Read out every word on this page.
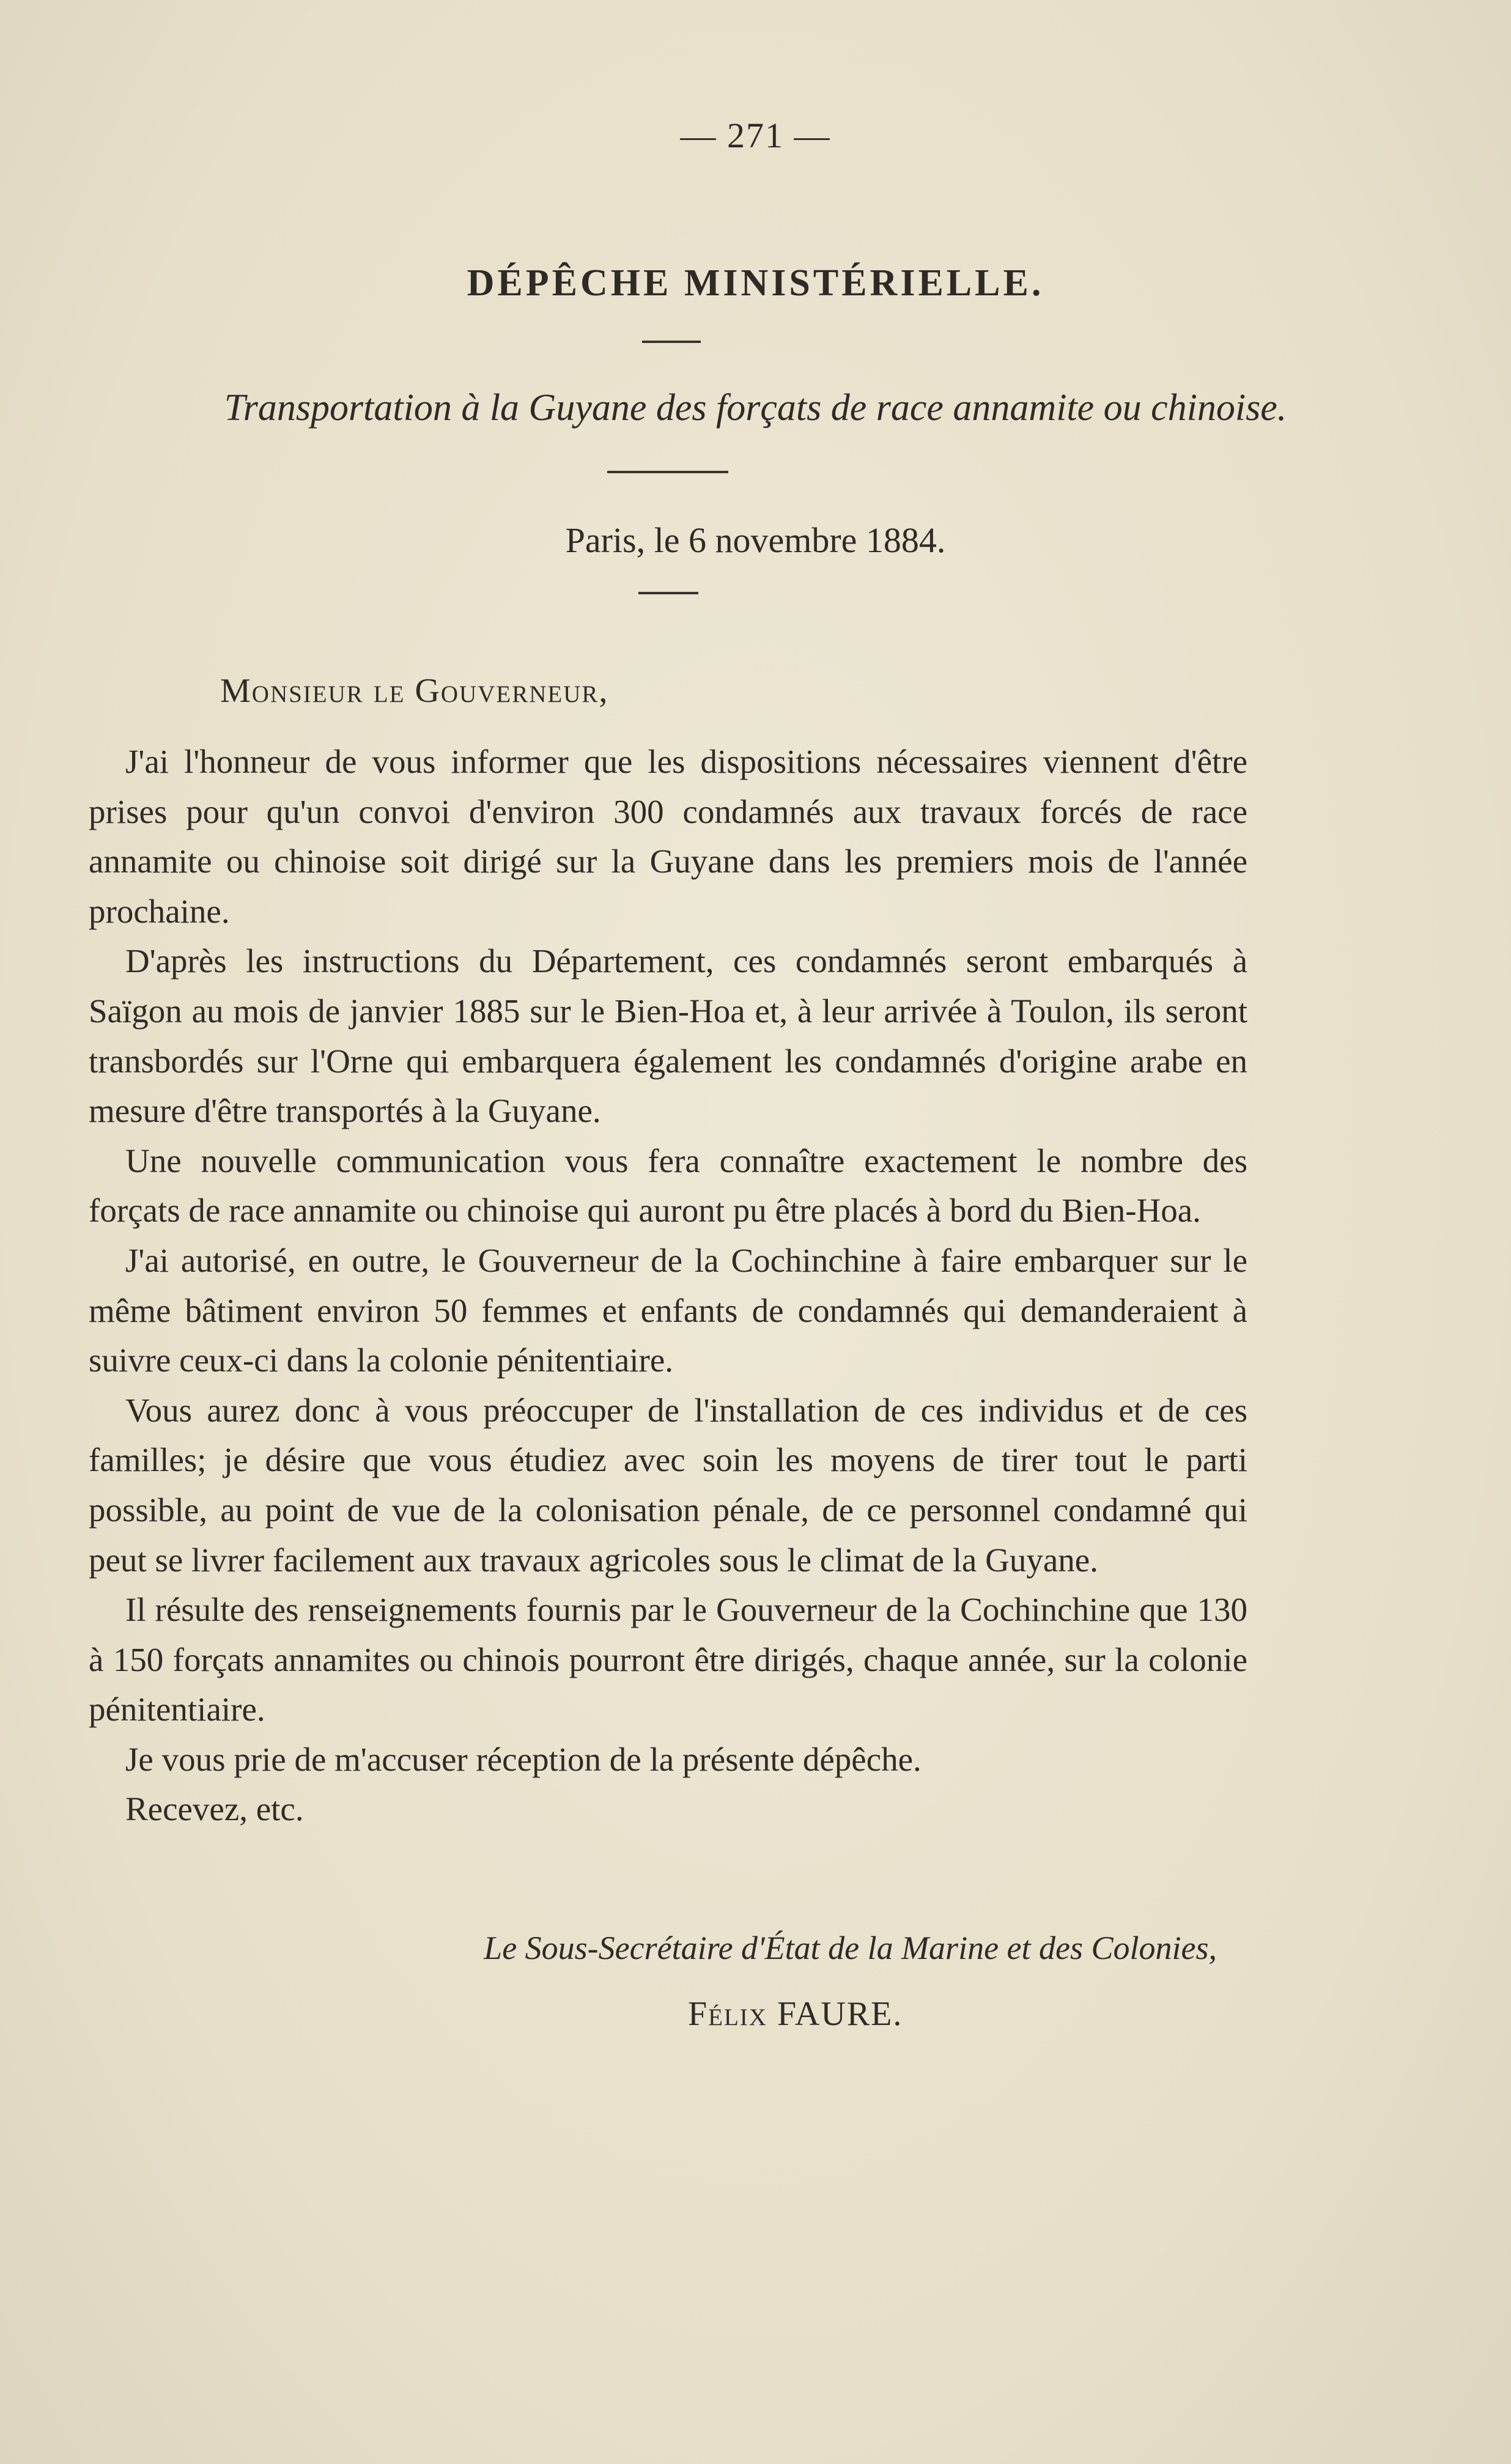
— 271 —
DÉPÊCHE MINISTÉRIELLE.
Transportation à la Guyane des forçats de race annamite ou chinoise.
Paris, le 6 novembre 1884.
Monsieur le Gouverneur,

J'ai l'honneur de vous informer que les dispositions nécessaires viennent d'être prises pour qu'un convoi d'environ 300 condamnés aux travaux forcés de race annamite ou chinoise soit dirigé sur la Guyane dans les premiers mois de l'année prochaine.

D'après les instructions du Département, ces condamnés seront embarqués à Saïgon au mois de janvier 1885 sur le Bien-Hoa et, à leur arrivée à Toulon, ils seront transbordés sur l'Orne qui embarquera également les condamnés d'origine arabe en mesure d'être transportés à la Guyane.

Une nouvelle communication vous fera connaître exactement le nombre des forçats de race annamite ou chinoise qui auront pu être placés à bord du Bien-Hoa.

J'ai autorisé, en outre, le Gouverneur de la Cochinchine à faire embarquer sur le même bâtiment environ 50 femmes et enfants de condamnés qui demanderaient à suivre ceux-ci dans la colonie pénitentiaire.

Vous aurez donc à vous préoccuper de l'installation de ces individus et de ces familles; je désire que vous étudiez avec soin les moyens de tirer tout le parti possible, au point de vue de la colonisation pénale, de ce personnel condamné qui peut se livrer facilement aux travaux agricoles sous le climat de la Guyane.

Il résulte des renseignements fournis par le Gouverneur de la Cochinchine que 130 à 150 forçats annamites ou chinois pourront être dirigés, chaque année, sur la colonie pénitentiaire.

Je vous prie de m'accuser réception de la présente dépêche.

Recevez, etc.

Le Sous-Secrétaire d'État de la Marine et des Colonies,
Félix FAURE.
